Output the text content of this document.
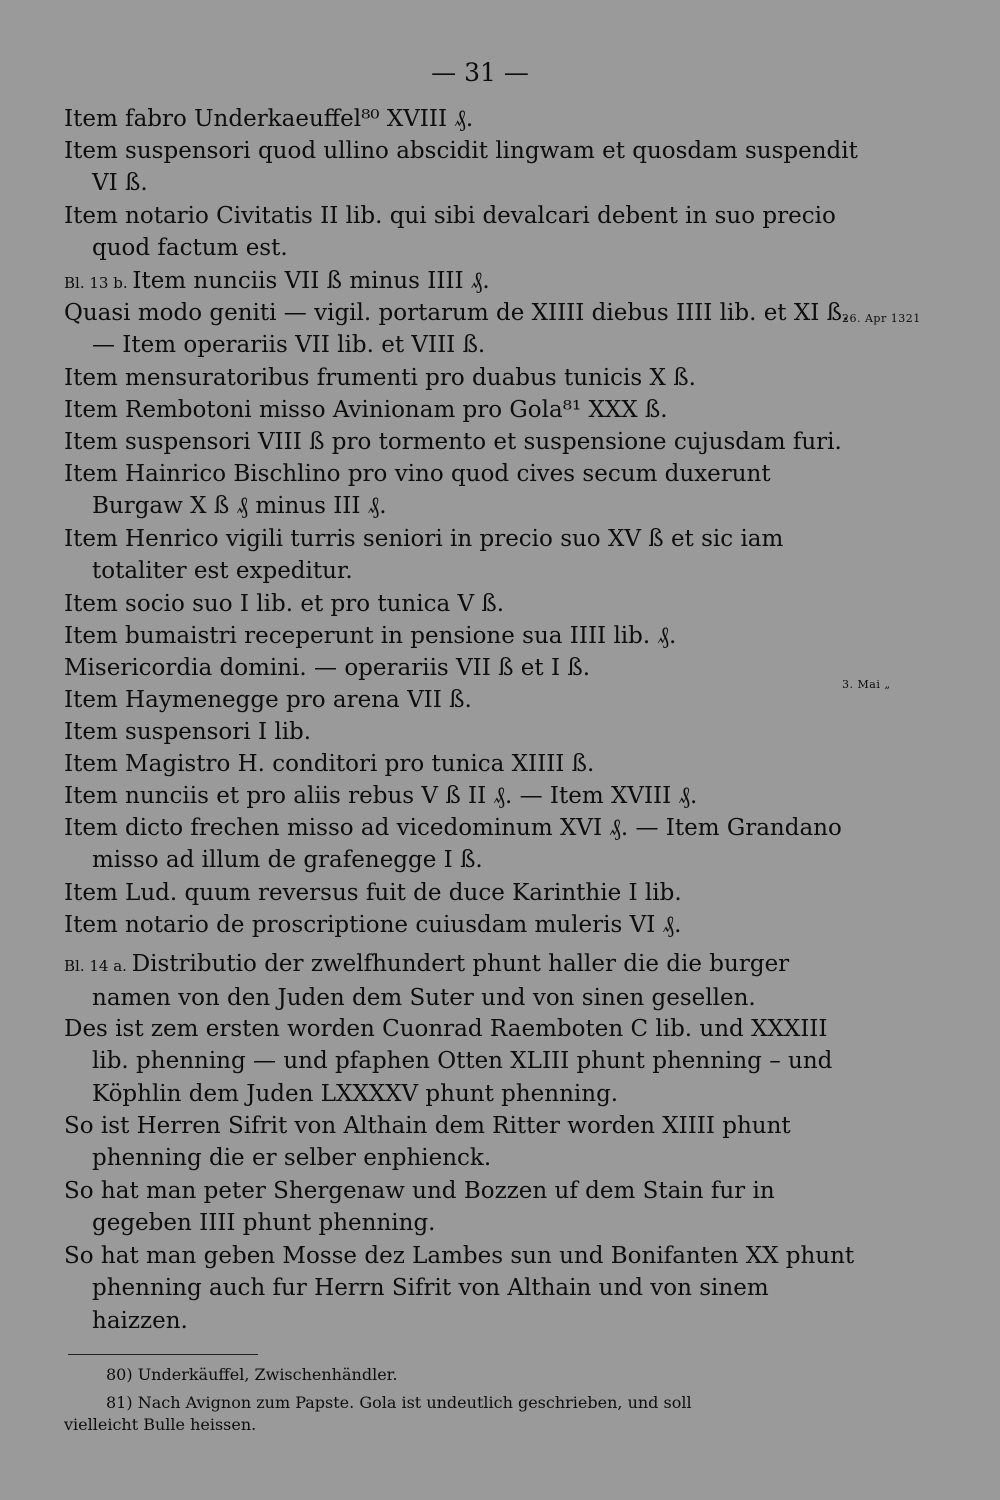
— 31 —
Item fabro Underkaeuffel⁸⁰ XVIII ₰.
Item suspensori quod ullino abscidit lingwam et quosdam suspendit VI ß.
Item notario Civitatis II lib. qui sibi devalcari debent in suo precio quod factum est.
Bl. 13 b. Item nunciis VII ß minus IIII ₰.
Quasi modo geniti — vigil. portarum de XIIII diebus IIII lib. et XI ß. — Item operariis VII lib. et VIII ß.
Item mensuratoribus frumenti pro duabus tunicis X ß.
Item Rembotoni misso Avinionam pro Gola⁸¹ XXX ß.
Item suspensori VIII ß pro tormento et suspensione cujusdam furi.
Item Hainrico Bischlino pro vino quod cives secum duxerunt Burgaw X ß ₰ minus III ₰.
Item Henrico vigili turris seniori in precio suo XV ß et sic iam totaliter est expeditur.
Item socio suo I lib. et pro tunica V ß.
Item bumaistri receperunt in pensione sua IIII lib. ₰.
Misericordia domini. — operariis VII ß et I ß.
Item Haymenegge pro arena VII ß.
Item suspensori I lib.
Item Magistro H. conditori pro tunica XIIII ß.
Item nunciis et pro aliis rebus V ß II ₰. — Item XVIII ₰.
Item dicto frechen misso ad vicedominum XVI ₰. — Item Grandano misso ad illum de grafenegge I ß.
Item Lud. quum reversus fuit de duce Karinthie I lib.
Item notario de proscriptione cuiusdam muleris VI ₰.
Bl. 14 a. Distributio der zwelfhundert phunt haller die die burger namen von den Juden dem Suter und von sinen gesellen.
Des ist zem ersten worden Cuonrad Raemboten C lib. und XXXIII lib. phenning — und pfaphen Otten XLIII phunt phenning – und Köphlin dem Juden LXXXXV phunt phenning.
So ist Herren Sifrit von Althain dem Ritter worden XIIII phunt phenning die er selber enphienck.
So hat man peter Shergenaw und Bozzen uf dem Stain fur in gegeben IIII phunt phenning.
So hat man geben Mosse dez Lambes sun und Bonifanten XX phunt phenning auch fur Herrn Sifrit von Althain und von sinem haizzen.
26. Apr 1321
3. Mai „
80) Underkäuffel, Zwischenhändler.
81) Nach Avignon zum Papste. Gola ist undeutlich geschrieben, und soll
vielleicht Bulle heissen.
